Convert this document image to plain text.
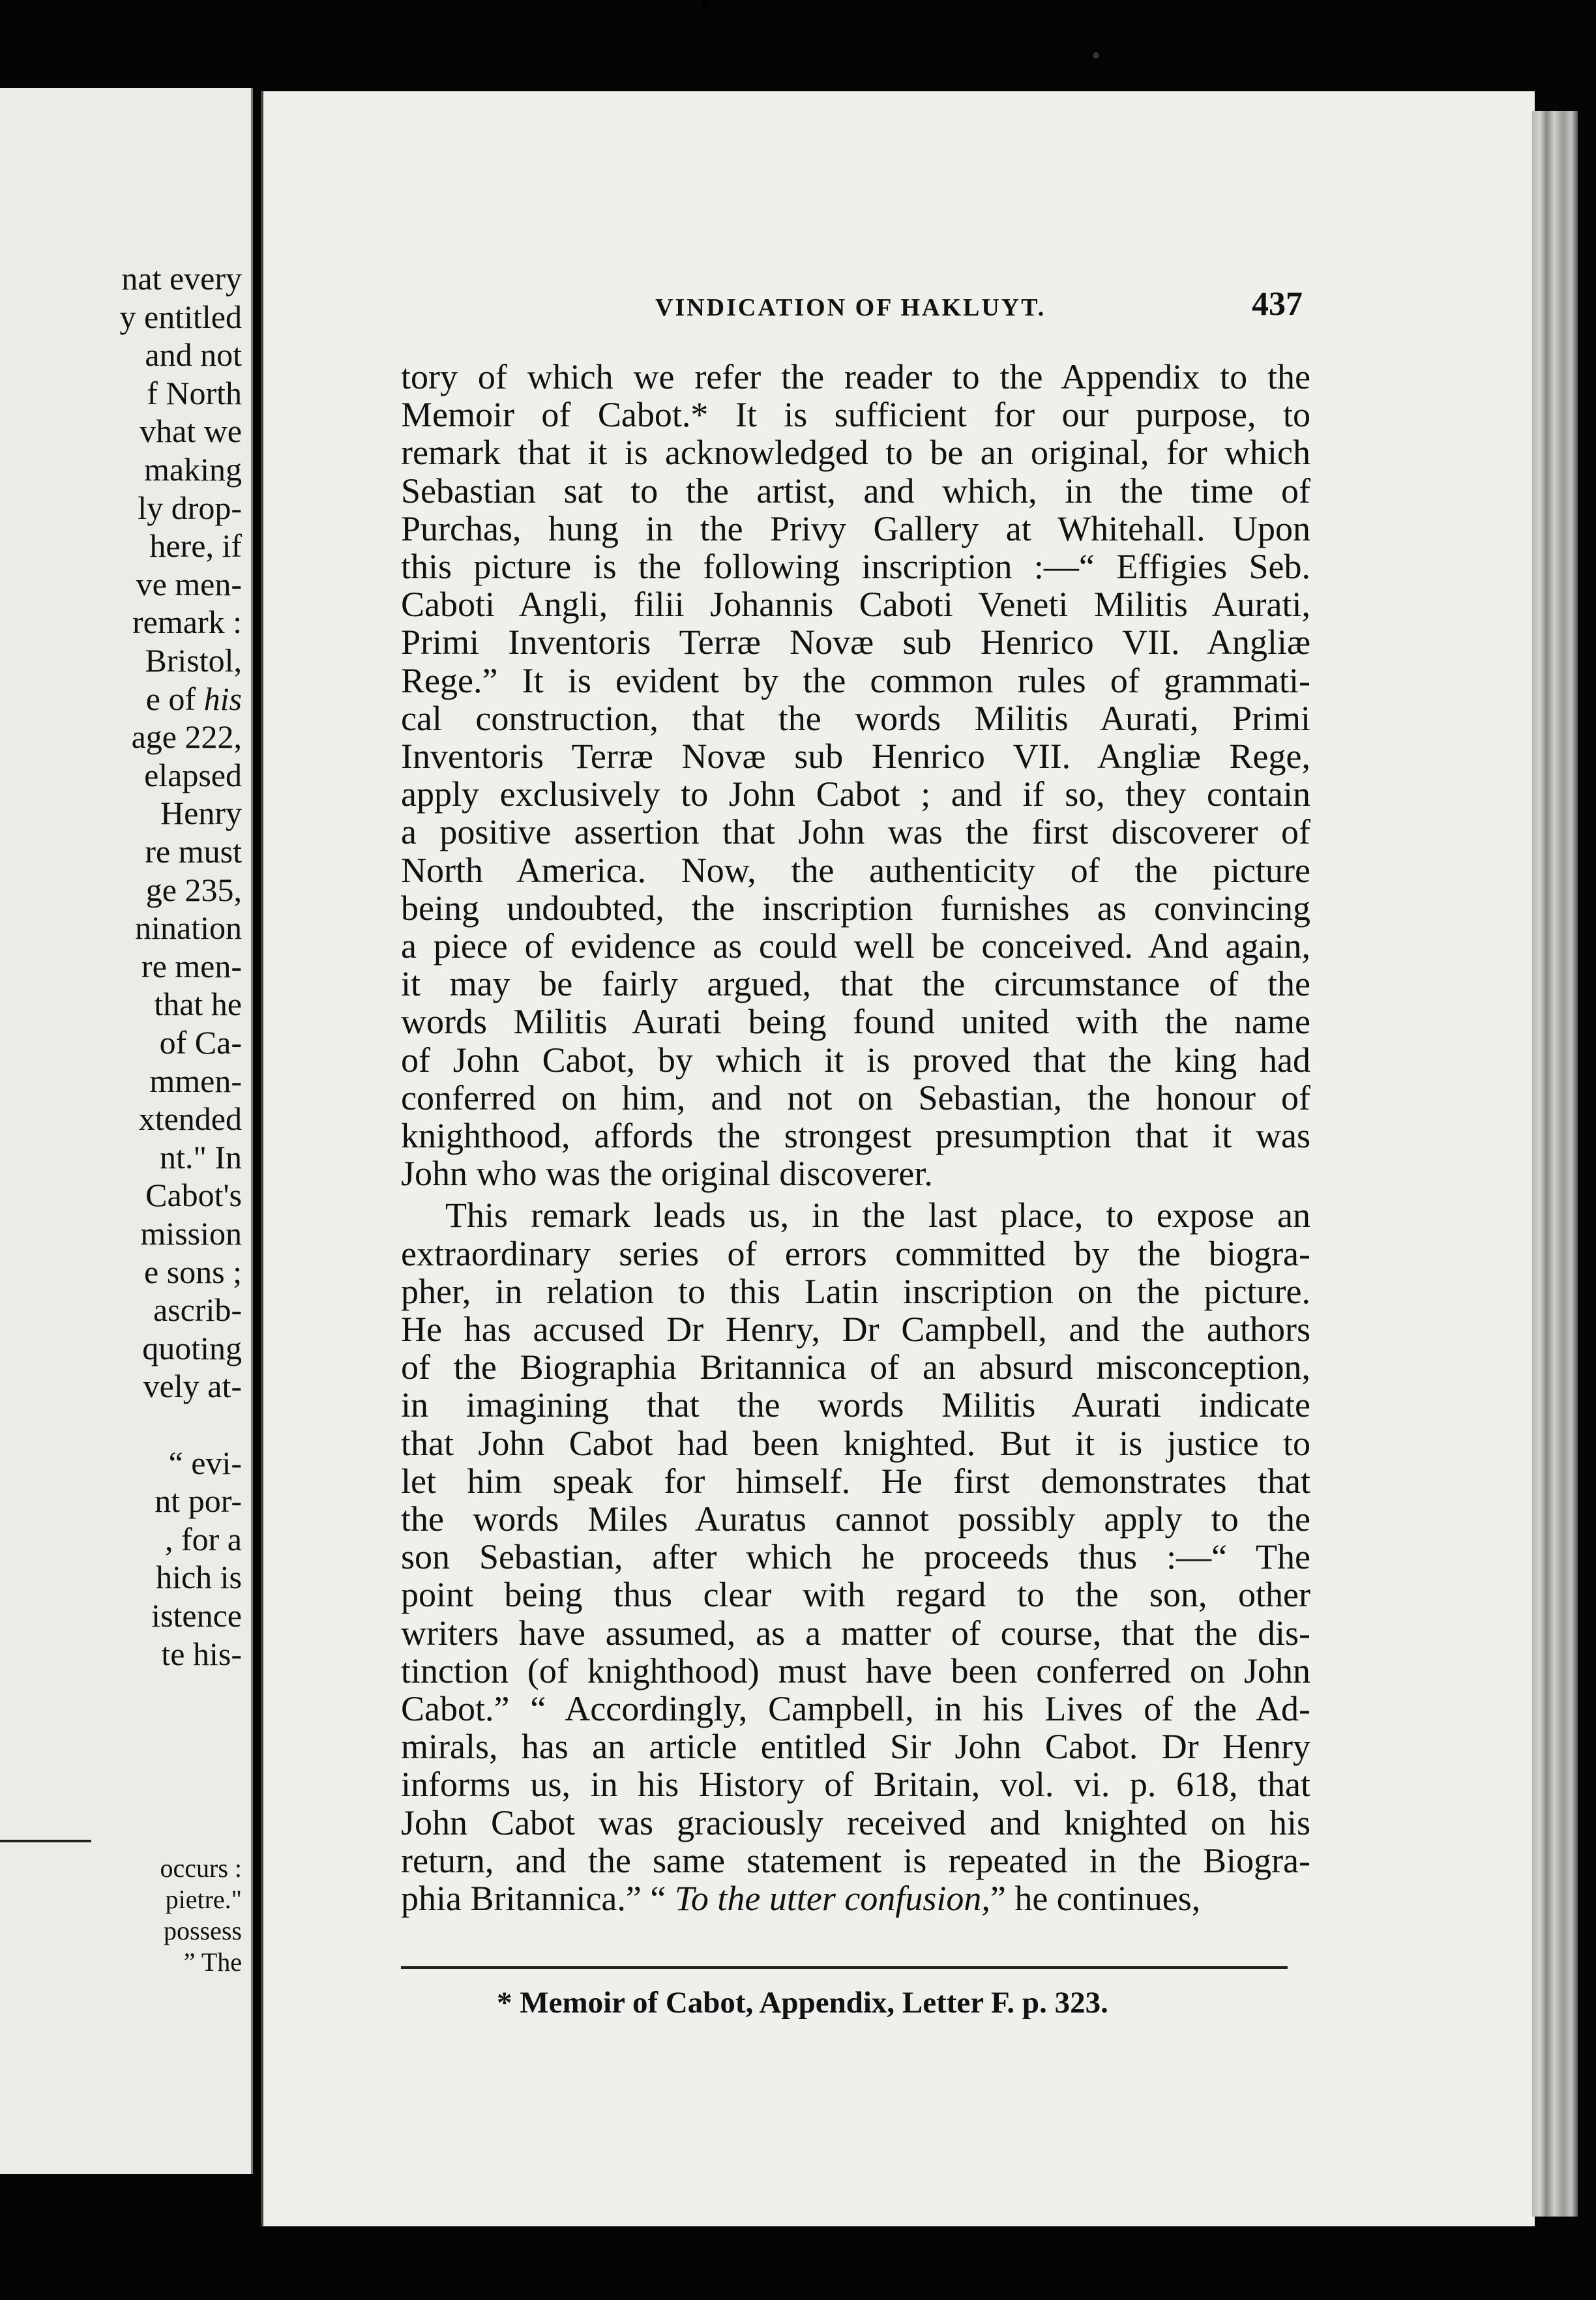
nat every
y entitled
and not
f North
vhat we
making
ly drop-
here, if
ve men-
remark :
Bristol,
e of his
age 222,
elapsed
Henry
re must
ge 235,
nination
re men-
that he
of Ca-
mmen-
xtended
nt." In
Cabot's
mission
e sons ;
ascrib-
quoting
vely at-
“ evi-
nt por-
, for a
hich is
istence
te his-
occurs :
pietre."
possess
” The
VINDICATION OF HAKLUYT.	437
tory of which we refer the reader to the Appendix to the
Memoir of Cabot.* It is sufficient for our purpose, to
remark that it is acknowledged to be an original, for which
Sebastian sat to the artist, and which, in the time of
Purchas, hung in the Privy Gallery at Whitehall. Upon
this picture is the following inscription :—“ Effigies Seb.
Caboti Angli, filii Johannis Caboti Veneti Militis Aurati,
Primi Inventoris Terræ Novæ sub Henrico VII. Angliæ
Rege.” It is evident by the common rules of grammati-
cal construction, that the words Militis Aurati, Primi
Inventoris Terræ Novæ sub Henrico VII. Angliæ Rege,
apply exclusively to John Cabot ; and if so, they contain
a positive assertion that John was the first discoverer of
North America. Now, the authenticity of the picture
being undoubted, the inscription furnishes as convincing
a piece of evidence as could well be conceived. And again,
it may be fairly argued, that the circumstance of the
words Militis Aurati being found united with the name
of John Cabot, by which it is proved that the king had
conferred on him, and not on Sebastian, the honour of
knighthood, affords the strongest presumption that it was
John who was the original discoverer.
This remark leads us, in the last place, to expose an
extraordinary series of errors committed by the biogra-
pher, in relation to this Latin inscription on the picture.
He has accused Dr Henry, Dr Campbell, and the authors
of the Biographia Britannica of an absurd misconception,
in imagining that the words Militis Aurati indicate
that John Cabot had been knighted. But it is justice to
let him speak for himself. He first demonstrates that
the words Miles Auratus cannot possibly apply to the
son Sebastian, after which he proceeds thus :—“ The
point being thus clear with regard to the son, other
writers have assumed, as a matter of course, that the dis-
tinction (of knighthood) must have been conferred on John
Cabot.” “ Accordingly, Campbell, in his Lives of the Ad-
mirals, has an article entitled Sir John Cabot. Dr Henry
informs us, in his History of Britain, vol. vi. p. 618, that
John Cabot was graciously received and knighted on his
return, and the same statement is repeated in the Biogra-
phia Britannica.” “ To the utter confusion,” he continues,
* Memoir of Cabot, Appendix, Letter F. p. 323.
